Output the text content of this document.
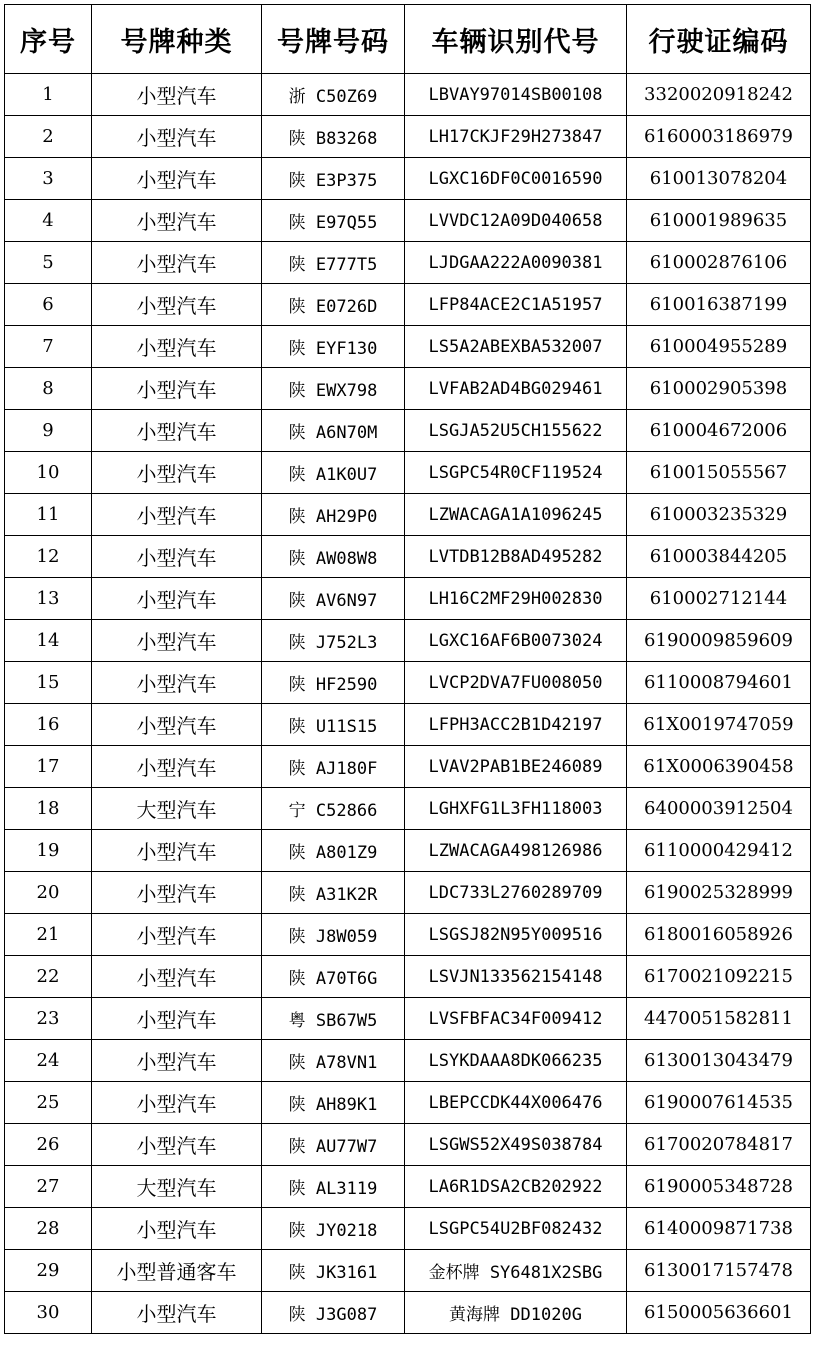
序号	号牌种类	号牌号码	车辆识别代号	行驶证编码
1	小型汽车	浙 C50Z69	LBVAY97014SB00108	3320020918242
2	小型汽车	陕 B83268	LH17CKJF29H273847	6160003186979
3	小型汽车	陕 E3P375	LGXC16DF0C0016590	610013078204
4	小型汽车	陕 E97Q55	LVVDC12A09D040658	610001989635
5	小型汽车	陕 E777T5	LJDGAA222A0090381	610002876106
6	小型汽车	陕 E0726D	LFP84ACE2C1A51957	610016387199
7	小型汽车	陕 EYF130	LS5A2ABEXBA532007	610004955289
8	小型汽车	陕 EWX798	LVFAB2AD4BG029461	610002905398
9	小型汽车	陕 A6N70M	LSGJA52U5CH155622	610004672006
10	小型汽车	陕 A1K0U7	LSGPC54R0CF119524	610015055567
11	小型汽车	陕 AH29P0	LZWACAGA1A1096245	610003235329
12	小型汽车	陕 AW08W8	LVTDB12B8AD495282	610003844205
13	小型汽车	陕 AV6N97	LH16C2MF29H002830	610002712144
14	小型汽车	陕 J752L3	LGXC16AF6B0073024	6190009859609
15	小型汽车	陕 HF2590	LVCP2DVA7FU008050	6110008794601
16	小型汽车	陕 U11S15	LFPH3ACC2B1D42197	61X0019747059
17	小型汽车	陕 AJ180F	LVAV2PAB1BE246089	61X0006390458
18	大型汽车	宁 C52866	LGHXFG1L3FH118003	6400003912504
19	小型汽车	陕 A801Z9	LZWACAGA498126986	6110000429412
20	小型汽车	陕 A31K2R	LDC733L2760289709	6190025328999
21	小型汽车	陕 J8W059	LSGSJ82N95Y009516	6180016058926
22	小型汽车	陕 A70T6G	LSVJN133562154148	6170021092215
23	小型汽车	粤 SB67W5	LVSFBFAC34F009412	4470051582811
24	小型汽车	陕 A78VN1	LSYKDAAA8DK066235	6130013043479
25	小型汽车	陕 AH89K1	LBEPCCDK44X006476	6190007614535
26	小型汽车	陕 AU77W7	LSGWS52X49S038784	6170020784817
27	大型汽车	陕 AL3119	LA6R1DSA2CB202922	6190005348728
28	小型汽车	陕 JY0218	LSGPC54U2BF082432	6140009871738
29	小型普通客车	陕 JK3161	金杯牌 SY6481X2SBG	6130017157478
30	小型汽车	陕 J3G087	黄海牌 DD1020G	6150005636601
